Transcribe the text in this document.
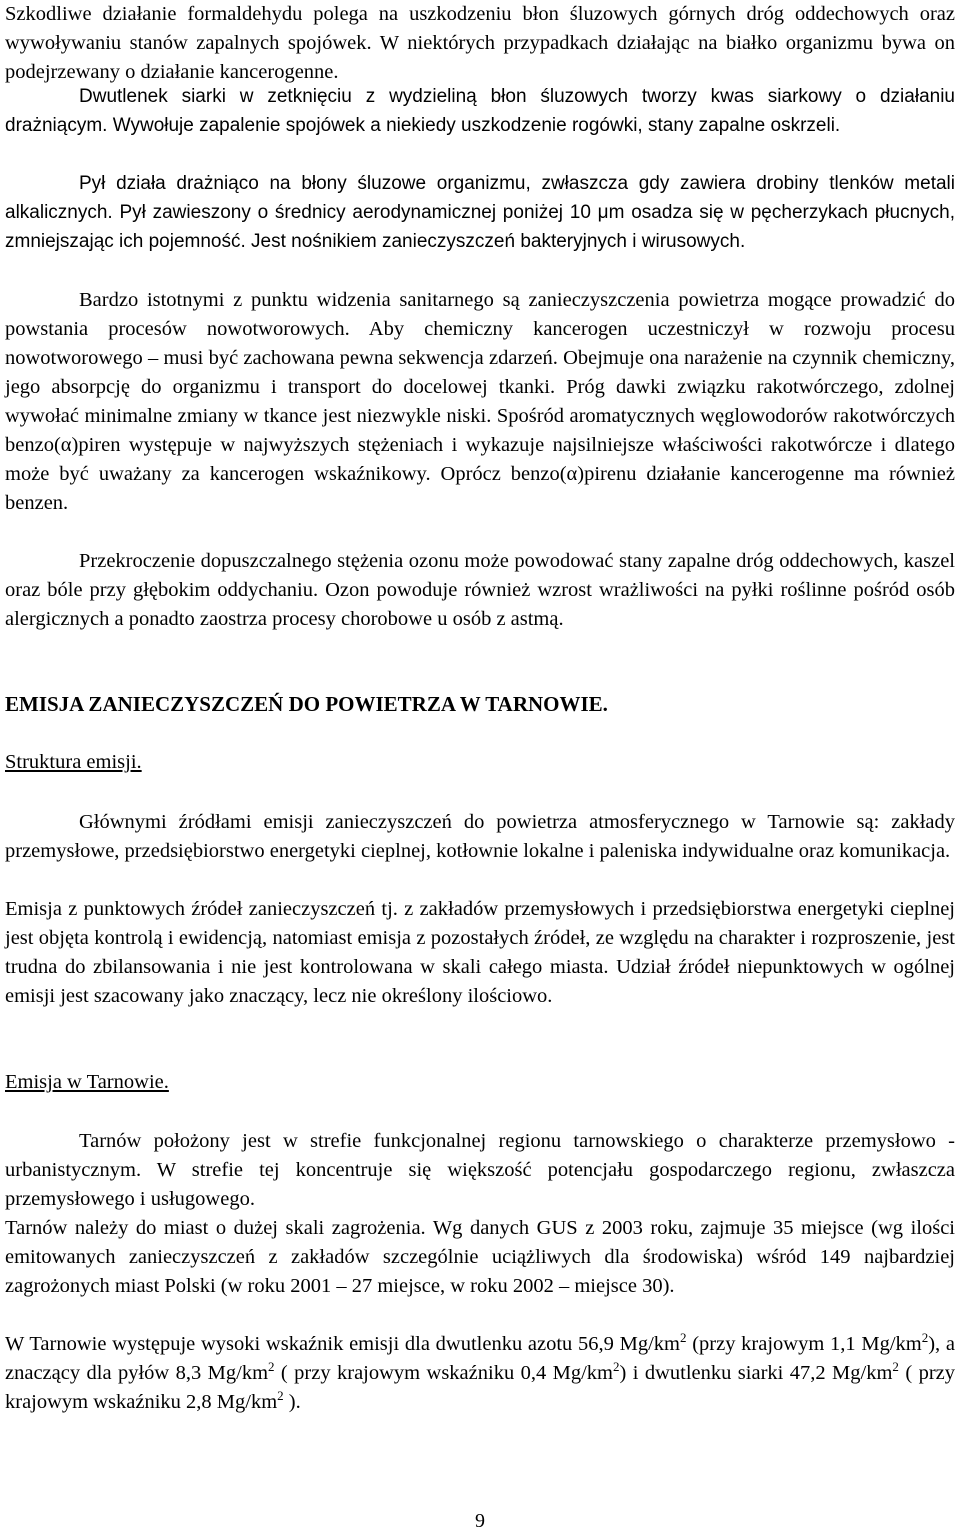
Szkodliwe działanie formaldehydu polega na uszkodzeniu błon śluzowych górnych dróg oddechowych oraz wywoływaniu stanów zapalnych spojówek. W niektórych przypadkach działając na białko organizmu bywa on podejrzewany o działanie kancerogenne.

Dwutlenek siarki w zetknięciu z wydzieliną błon śluzowych tworzy kwas siarkowy o działaniu drażniącym. Wywołuje zapalenie spojówek a niekiedy uszkodzenie rogówki, stany zapalne oskrzeli.

Pył działa drażniąco na błony śluzowe organizmu, zwłaszcza gdy zawiera drobiny tlenków metali alkalicznych. Pył zawieszony o średnicy aerodynamicznej poniżej 10 μm osadza się w pęcherzykach płucnych, zmniejszając ich pojemność. Jest nośnikiem zanieczyszczeń bakteryjnych i wirusowych.

Bardzo istotnymi z punktu widzenia sanitarnego są zanieczyszczenia powietrza mogące prowadzić do powstania procesów nowotworowych. Aby chemiczny kancerogen uczestniczył w rozwoju procesu nowotworowego – musi być zachowana pewna sekwencja zdarzeń. Obejmuje ona narażenie na czynnik chemiczny, jego absorpcję do organizmu i transport do docelowej tkanki. Próg dawki związku rakotwórczego, zdolnej wywołać minimalne zmiany w tkance jest niezwykle niski. Spośród aromatycznych węglowodorów rakotwórczych benzo(α)piren występuje w najwyższych stężeniach i wykazuje najsilniejsze właściwości rakotwórcze i dlatego może być uważany za kancerogen wskaźnikowy. Oprócz benzo(α)pirenu działanie kancerogenne ma również benzen.

Przekroczenie dopuszczalnego stężenia ozonu może powodować stany zapalne dróg oddechowych, kaszel oraz bóle przy głębokim oddychaniu. Ozon powoduje również wzrost wrażliwości na pyłki roślinne pośród osób alergicznych a ponadto zaostrza procesy chorobowe u osób z astmą.

EMISJA ZANIECZYSZCZEŃ DO POWIETRZA W TARNOWIE.

Struktura emisji.

Głównymi źródłami emisji zanieczyszczeń do powietrza atmosferycznego w Tarnowie są: zakłady przemysłowe, przedsiębiorstwo energetyki cieplnej, kotłownie lokalne i paleniska indywidualne oraz komunikacja.

Emisja z punktowych źródeł zanieczyszczeń tj. z zakładów przemysłowych i przedsiębiorstwa energetyki cieplnej jest objęta kontrolą i ewidencją, natomiast emisja z pozostałych źródeł, ze względu na charakter i rozproszenie, jest trudna do zbilansowania i nie jest kontrolowana w skali całego miasta. Udział źródeł niepunktowych w ogólnej emisji jest szacowany jako znaczący, lecz nie określony ilościowo.

Emisja w Tarnowie.

Tarnów położony jest w strefie funkcjonalnej regionu tarnowskiego o charakterze przemysłowo - urbanistycznym. W strefie tej koncentruje się większość potencjału gospodarczego regionu, zwłaszcza przemysłowego i usługowego.

Tarnów należy do miast o dużej skali zagrożenia. Wg danych GUS z 2003 roku, zajmuje 35 miejsce (wg ilości emitowanych zanieczyszczeń z zakładów szczególnie uciążliwych dla środowiska) wśród 149 najbardziej zagrożonych miast Polski (w roku 2001 – 27 miejsce, w roku 2002 – miejsce 30).

W Tarnowie występuje wysoki wskaźnik emisji dla dwutlenku azotu 56,9 $Mg/km^2$ (przy krajowym 1,1 $Mg/km^2$), a znaczący dla pyłów 8,3 $Mg/km^2$ ( przy krajowym wskaźniku 0,4 $Mg/km^2$) i dwutlenku siarki 47,2 $Mg/km^2$ ( przy krajowym wskaźniku 2,8 $Mg/km^2$ ).

9
